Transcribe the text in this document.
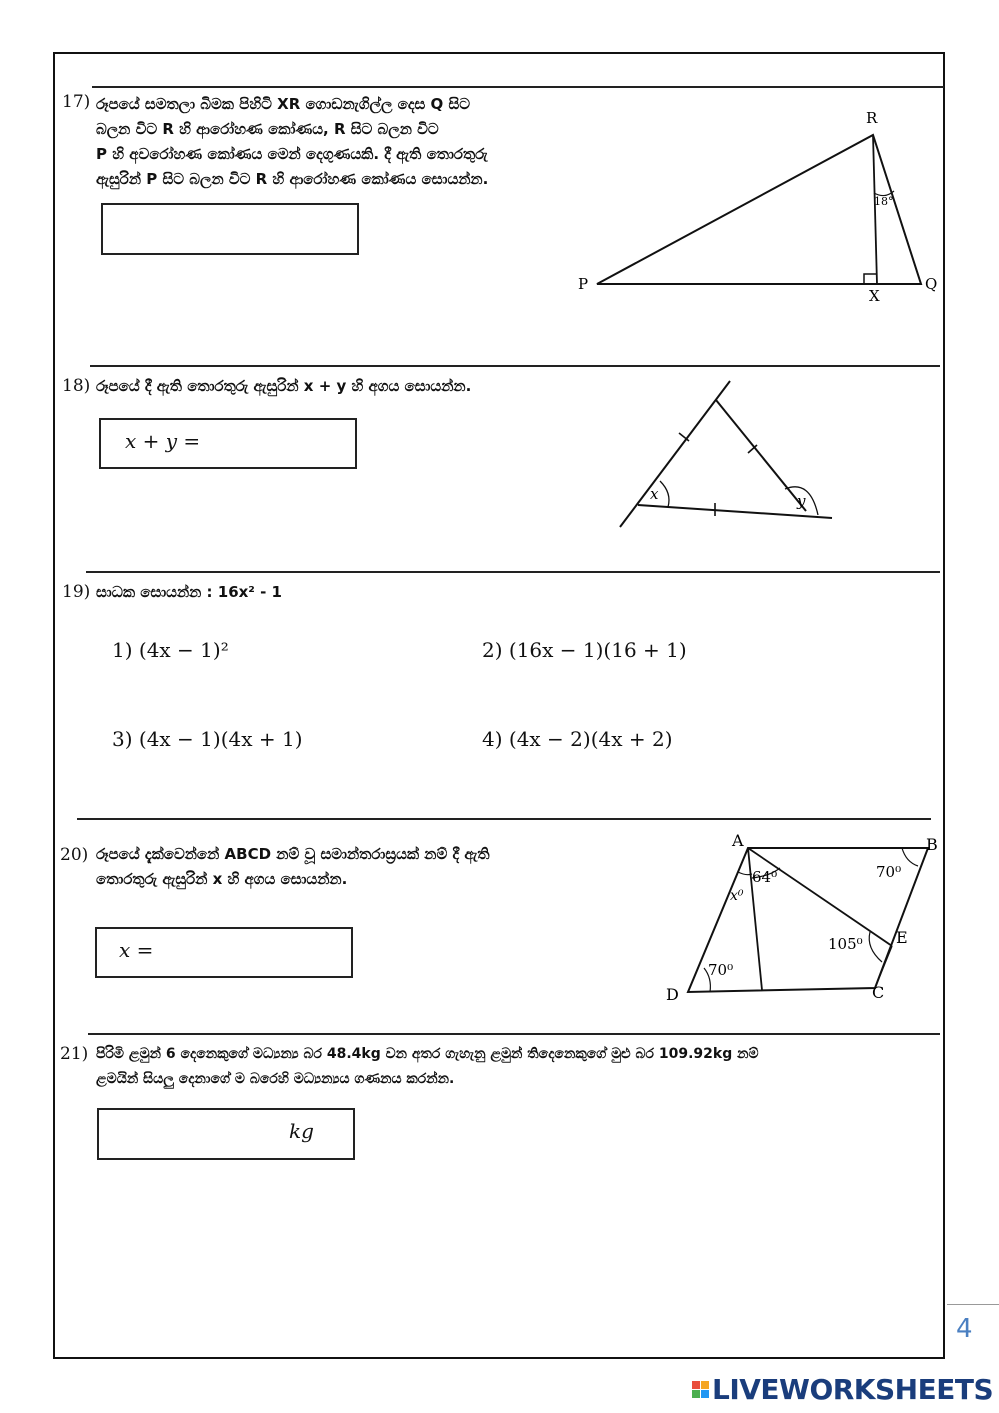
17) රූපයේ සමතලා බිමක පිහිටි XR ගොඩනැගිල්ල දෙස Q සිට
බලන විට R හි ආරෝහණ කෝණය, R සිට බලන විට
P හි අවරෝහණ කෝණය මෙන් දෙගුණයකි. දී ඇති තොරතුරු
ඇසුරින් P සිට බලන විට R හි ආරෝහණ කෝණය සොයන්න.
18°
R
P
X
Q
18) රූපයේ දී ඇති තොරතුරු ඇසුරින් x + y හි අගය සොයන්න.
x + y =
x	y
19) සාධක සොයන්න : 16x² - 1
1) (4x − 1)²	2) (16x − 1)(16 + 1)
3) (4x − 1)(4x + 1)	4) (4x − 2)(4x + 2)
20) රූපයේ දැක්වෙන්නේ ABCD නම් වූ සමාන්තරාස්‍රයක් නම් දී ඇති
තොරතුරු ඇසුරින් x හි අගය සොයන්න.
x =
64⁰
x⁰
70⁰
105⁰
70⁰
A	B
C
D
E
21) පිරිමි ළමුන් 6 දෙනෙකුගේ මධ්‍යන්‍ය බර 48.4kg වන අතර ගැහැනු ළමුන් තිදෙනෙකුගේ මුළු බර 109.92kg නම්
ළමයින් සියලු දෙනාගේ ම බරෙහි මධ්‍යන්‍යය ගණනය කරන්න.
kg
4
LIVEWORKSHEETS
